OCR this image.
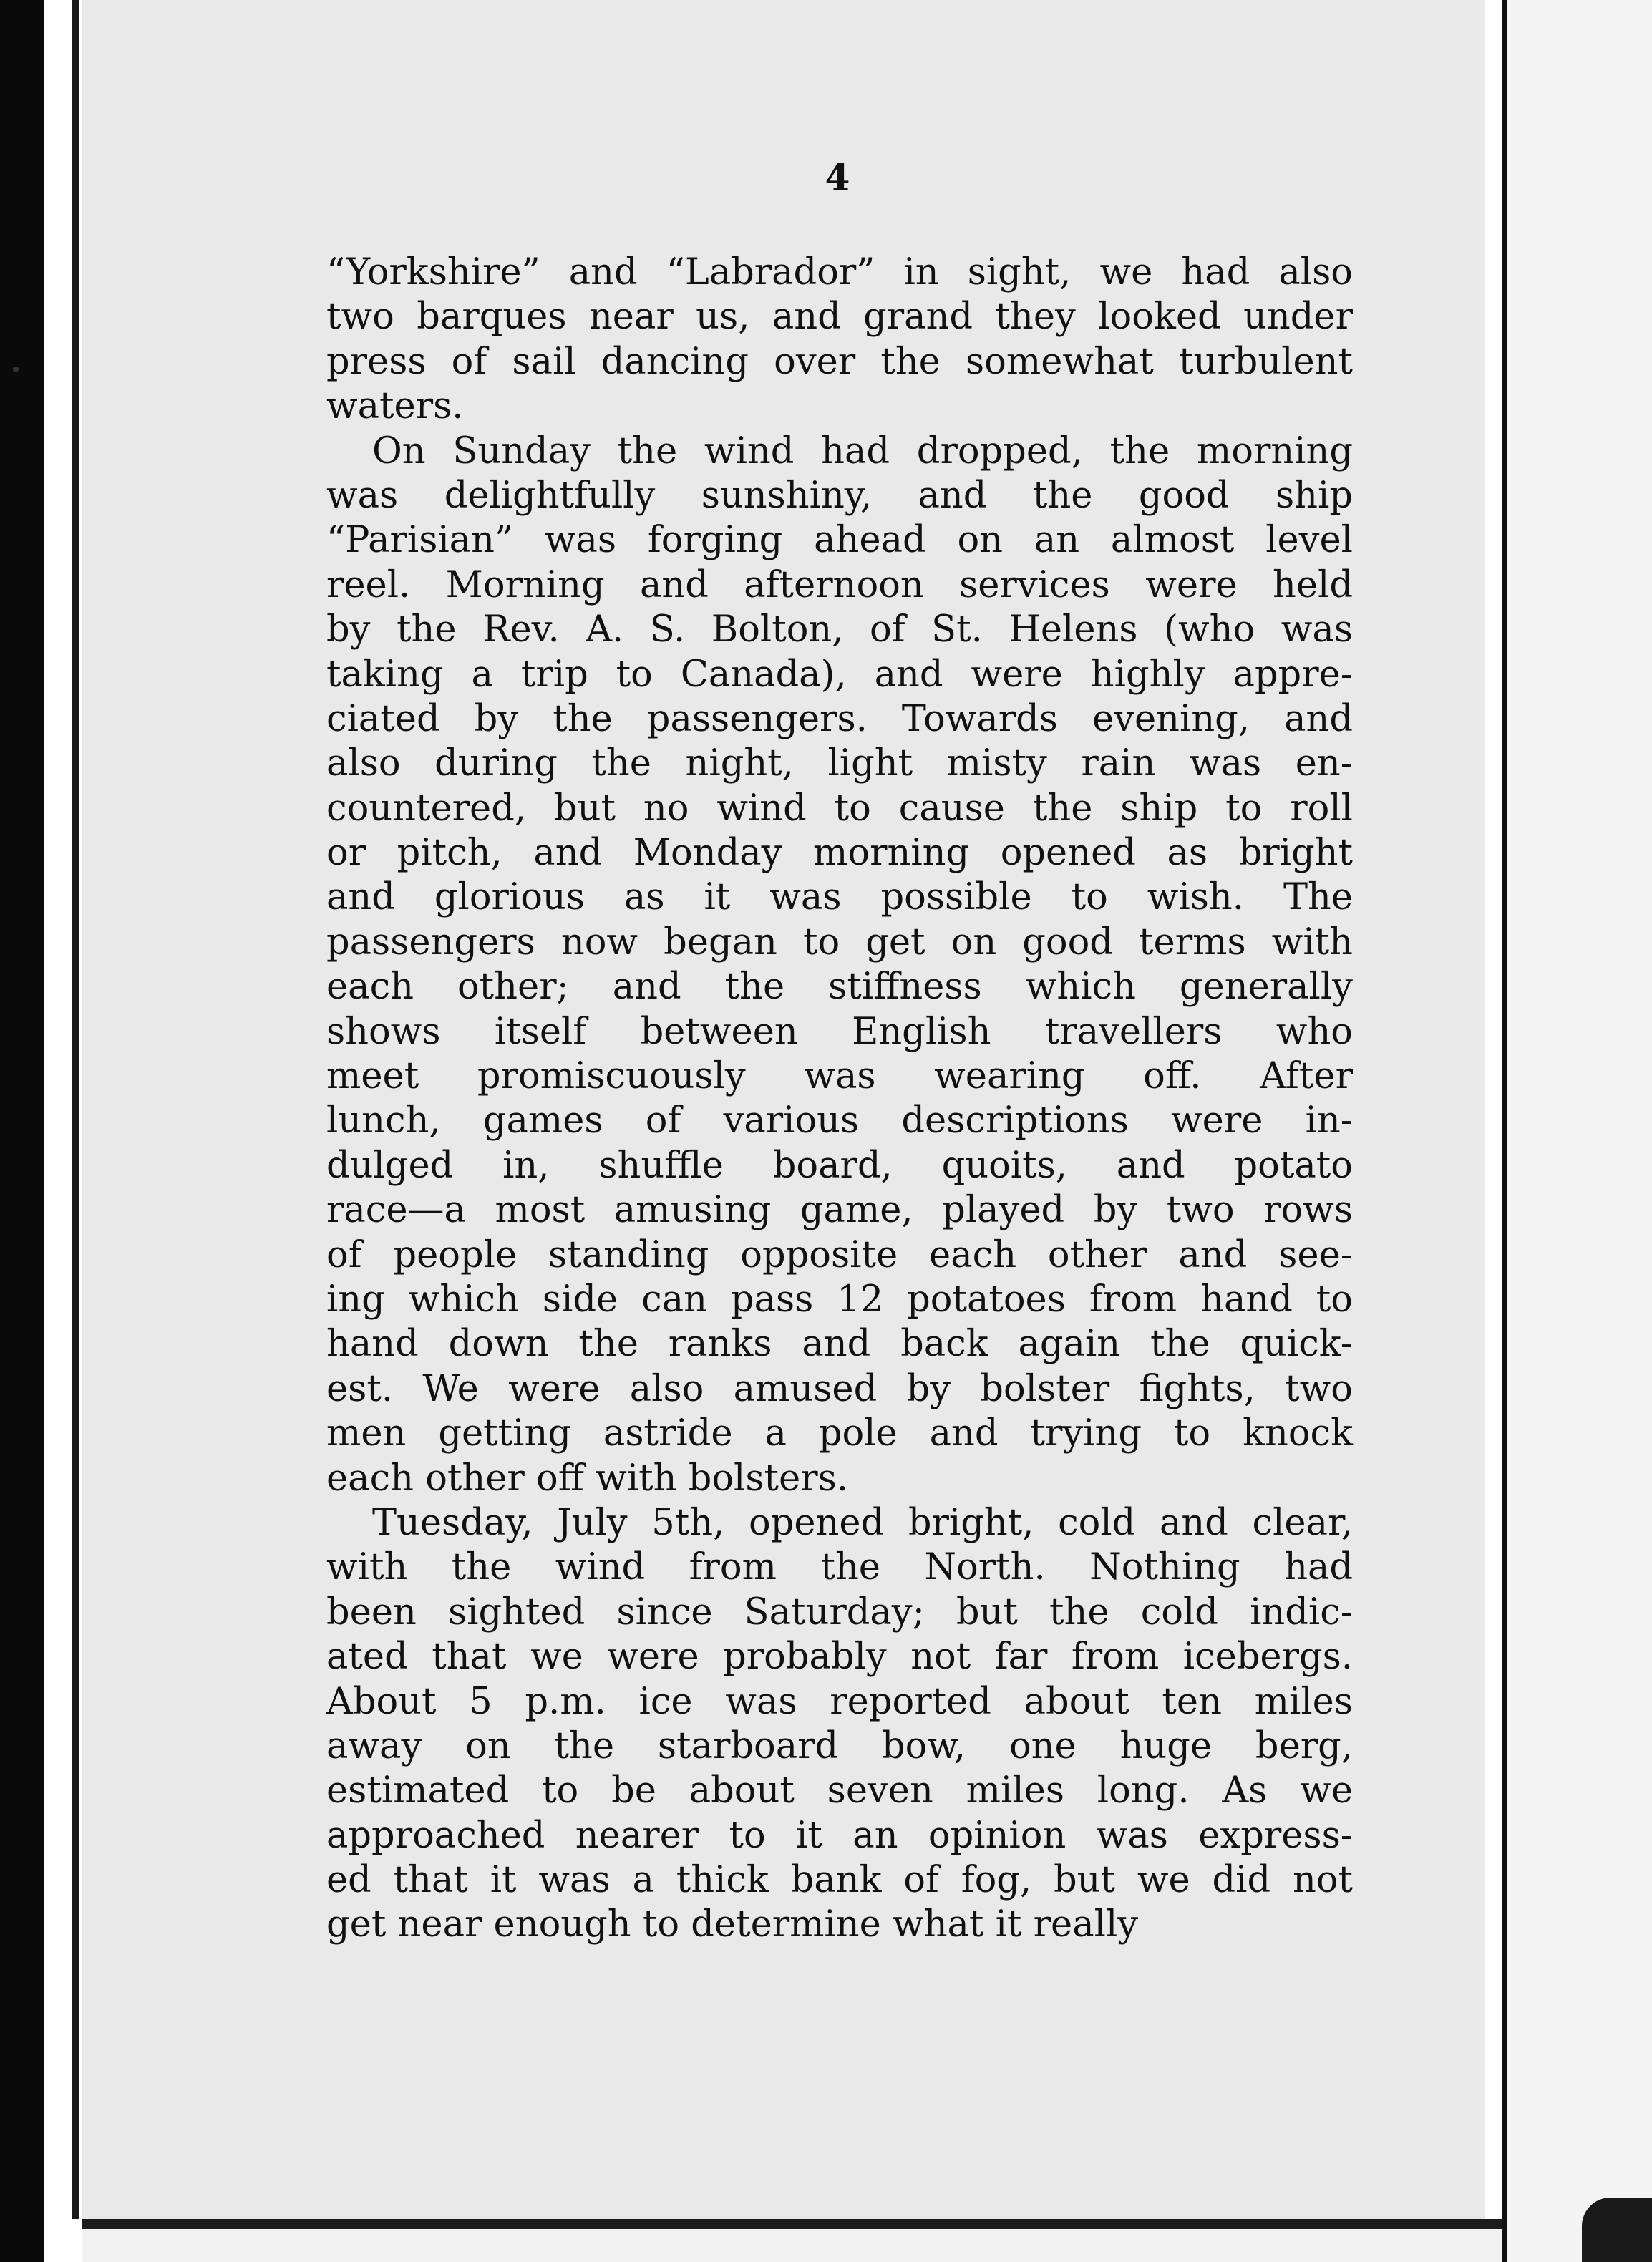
4
“Yorkshire” and “Labrador” in sight, we had also
two barques near us, and grand they looked under
press of sail dancing over the somewhat turbulent
waters.
On Sunday the wind had dropped, the morning
was delightfully sunshiny, and the good ship
“Parisian” was forging ahead on an almost level
reel. Morning and afternoon services were held
by the Rev. A. S. Bolton, of St. Helens (who was
taking a trip to Canada), and were highly appre-
ciated by the passengers. Towards evening, and
also during the night, light misty rain was en-
countered, but no wind to cause the ship to roll
or pitch, and Monday morning opened as bright
and glorious as it was possible to wish. The
passengers now began to get on good terms with
each other; and the stiffness which generally
shows itself between English travellers who
meet promiscuously was wearing off. After
lunch, games of various descriptions were in-
dulged in, shuffle board, quoits, and potato
race—a most amusing game, played by two rows
of people standing opposite each other and see-
ing which side can pass 12 potatoes from hand to
hand down the ranks and back again the quick-
est. We were also amused by bolster fights, two
men getting astride a pole and trying to knock
each other off with bolsters.
Tuesday, July 5th, opened bright, cold and clear,
with the wind from the North. Nothing had
been sighted since Saturday; but the cold indic-
ated that we were probably not far from icebergs.
About 5 p.m. ice was reported about ten miles
away on the starboard bow, one huge berg,
estimated to be about seven miles long. As we
approached nearer to it an opinion was express-
ed that it was a thick bank of fog, but we did not
get near enough to determine what it really
